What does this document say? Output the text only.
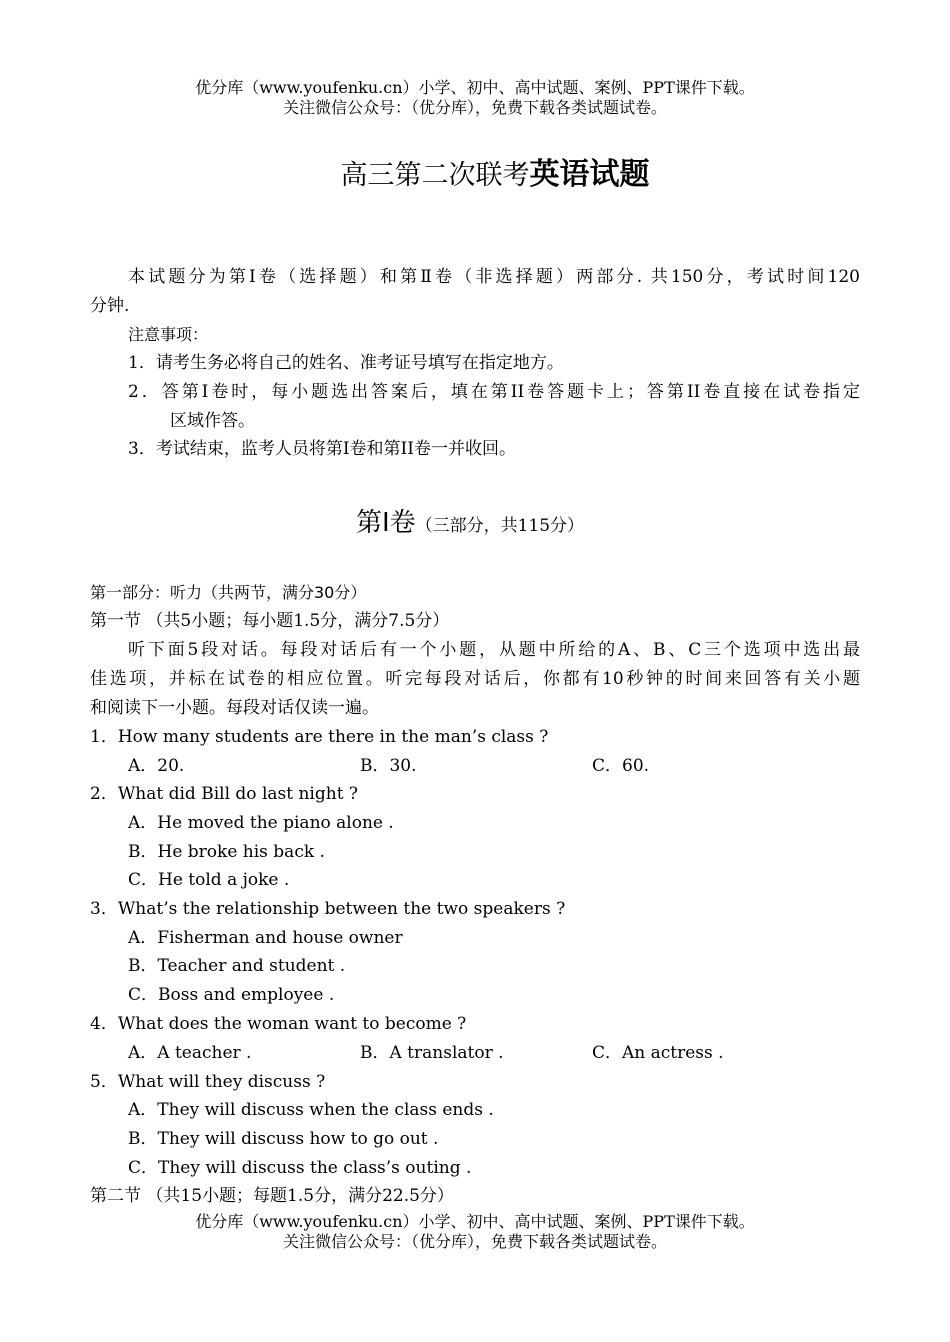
优分库（www.youfenku.cn）小学、初中、高中试题、案例、PPT课件下载。
关注微信公众号：（优分库），免费下载各类试题试卷。
高三第二次联考英语试题
本试题分为第Ⅰ卷（选择题）和第Ⅱ卷（非选择题）两部分. 共150分，考试时间120
分钟.
注意事项：
1．请考生务必将自己的姓名、准考证号填写在指定地方。
2．答第I卷时，每小题选出答案后，填在第II卷答题卡上；答第II卷直接在试卷指定
区域作答。
3．考试结束，监考人员将第I卷和第II卷一并收回。
第Ⅰ卷（三部分，共115分）
第一部分：听力（共两节，满分30分）
第一节 （共5小题；每小题1.5分，满分7.5分）
听下面5段对话。每段对话后有一个小题，从题中所给的A、B、C三个选项中选出最
佳选项，并标在试卷的相应位置。听完每段对话后，你都有10秒钟的时间来回答有关小题
和阅读下一小题。每段对话仅读一遍。
1．How many students are there in the man’s class ?
A．20.	B．30.	C．60.
2．What did Bill do last night ?
A．He moved the piano alone .
B．He broke his back .
C．He told a joke .
3．What’s the relationship between the two speakers ?
A．Fisherman and house owner
B．Teacher and student .
C．Boss and employee .
4．What does the woman want to become ?
A．A teacher .	B．A translator .	C．An actress .
5．What will they discuss ?
A．They will discuss when the class ends .
B．They will discuss how to go out .
C．They will discuss the class’s outing .
第二节 （共15小题；每题1.5分，满分22.5分）
优分库（www.youfenku.cn）小学、初中、高中试题、案例、PPT课件下载。
关注微信公众号：（优分库），免费下载各类试题试卷。
